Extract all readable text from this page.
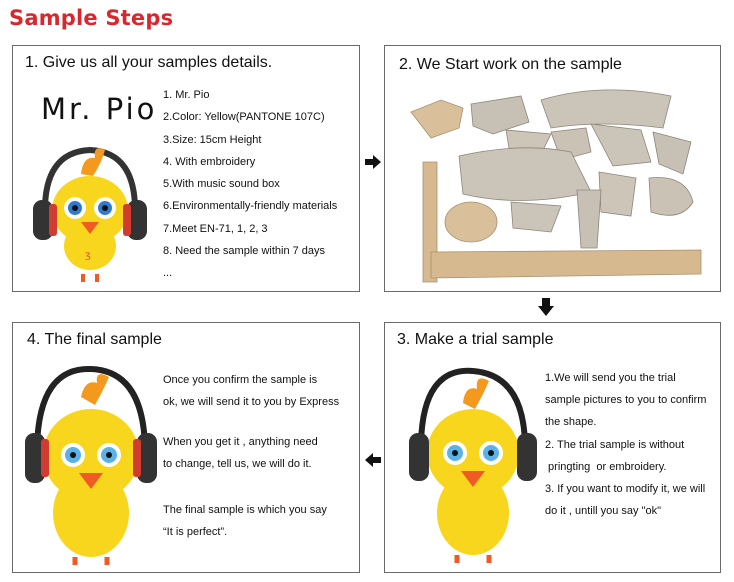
Sample Steps
1. Give us all your samples details.
Mr. Pio
ʒ
1. Mr. Pio
2.Color: Yellow(PANTONE 107C)
3.Size: 15cm Height
4. With embroidery
5.With music sound box
6.Environmentally-friendly materials
7.Meet EN-71, 1, 2, 3
8. Need the sample within 7 days
...
2. We Start work on the sample
3. Make a trial sample
1.We will send you the trial
sample pictures to you to confirm
the shape.
2. The trial sample is without
pringting  or embroidery.
3. If you want to modify it, we will
do it , untill you say "ok"
4. The final sample
Once you confirm the sample is
ok, we will send it to you by Express
When you get it , anything need
to change, tell us, we will do it.
The final sample is which you say
“It is perfect”.
